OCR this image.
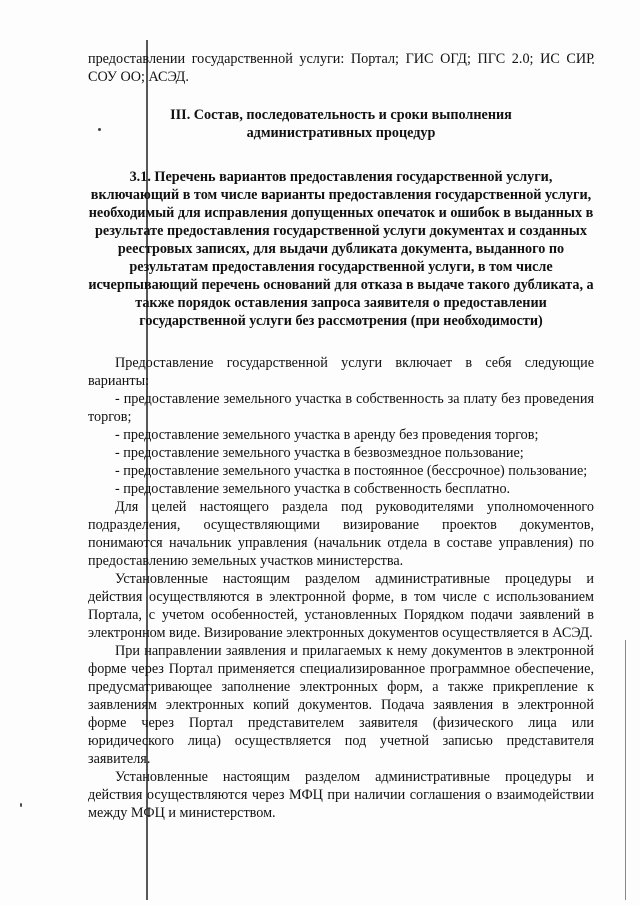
предоставлении государственной услуги: Портал; ГИС ОГД; ПГС 2.0; ИС СИР СОУ ОО; АСЭД.

III. Состав, последовательность и сроки выполнения административных процедур

3.1. Перечень вариантов предоставления государственной услуги, включающий в том числе варианты предоставления государственной услуги, необходимый для исправления допущенных опечаток и ошибок в выданных в результате предоставления государственной услуги документах и созданных реестровых записях, для выдачи дубликата документа, выданного по результатам предоставления государственной услуги, в том числе исчерпывающий перечень оснований для отказа в выдаче такого дубликата, а также порядок оставления запроса заявителя о предоставлении государственной услуги без рассмотрения (при необходимости)

Предоставление государственной услуги включает в себя следующие варианты:

- предоставление земельного участка в собственность за плату без проведения торгов;
- предоставление земельного участка в аренду без проведения торгов;
- предоставление земельного участка в безвозмездное пользование;
- предоставление земельного участка в постоянное (бессрочное) пользование;
- предоставление земельного участка в собственность бесплатно.

Для целей настоящего раздела под руководителями уполномоченного подразделения, осуществляющими визирование проектов документов, понимаются начальник управления (начальник отдела в составе управления) по предоставлению земельных участков министерства.

Установленные настоящим разделом административные процедуры и действия осуществляются в электронной форме, в том числе с использованием Портала, с учетом особенностей, установленных Порядком подачи заявлений в электронном виде. Визирование электронных документов осуществляется в АСЭД.

При направлении заявления и прилагаемых к нему документов в электронной форме через Портал применяется специализированное программное обеспечение, предусматривающее заполнение электронных форм, а также прикрепление к заявлениям электронных копий документов. Подача заявления в электронной форме через Портал представителем заявителя (физического лица или юридического лица) осуществляется под учетной записью представителя заявителя.

Установленные настоящим разделом административные процедуры и действия осуществляются через МФЦ при наличии соглашения о взаимодействии между МФЦ и министерством.
